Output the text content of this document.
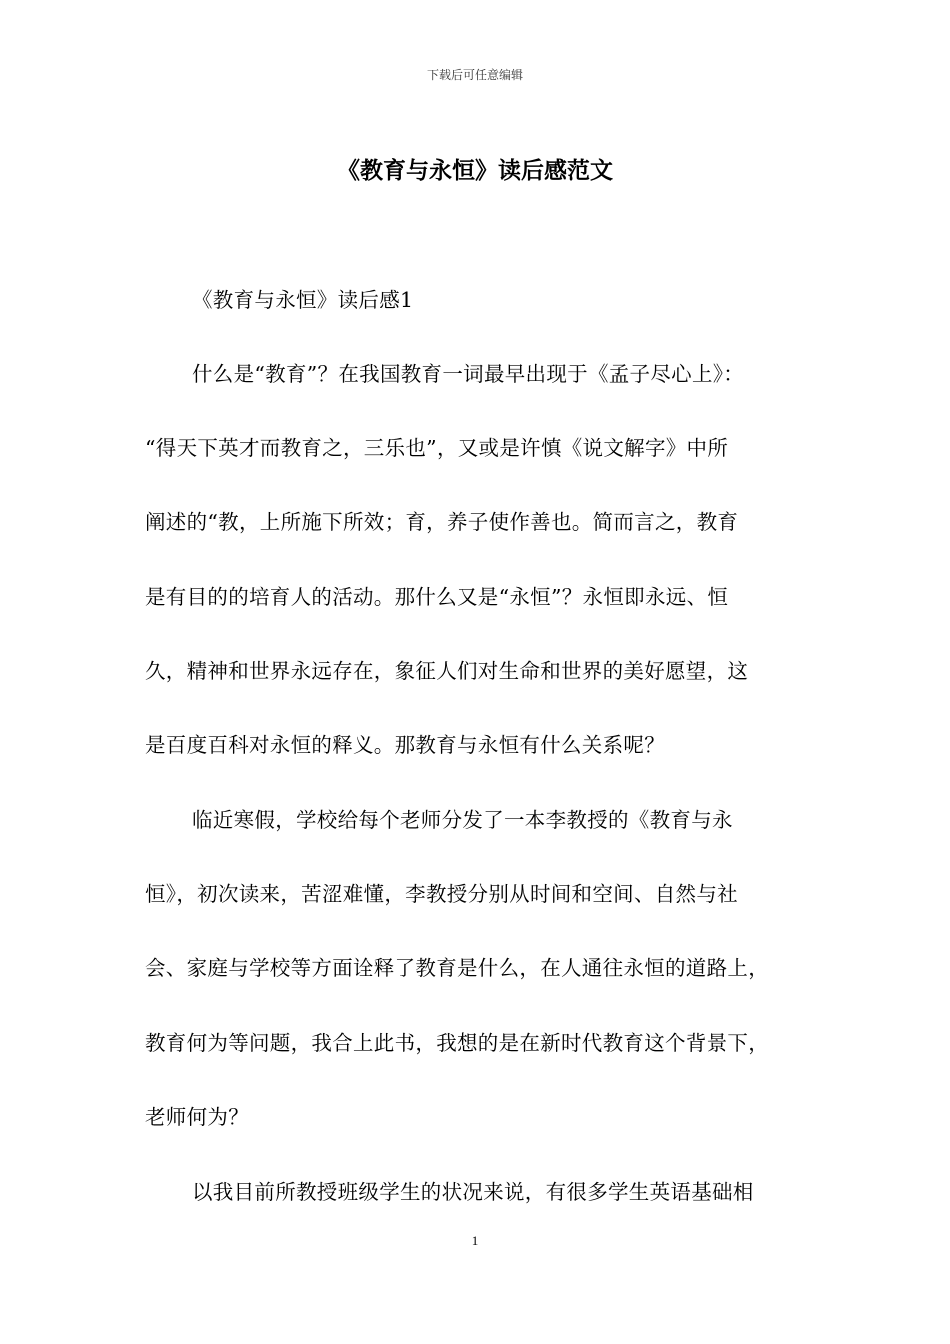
下载后可任意编辑
《教育与永恒》读后感范文
《教育与永恒》读后感1
什么是“教育”？在我国教育一词最早出现于《孟子尽心上》：
“得天下英才而教育之，三乐也”，又或是许慎《说文解字》中所
阐述的“教，上所施下所效；育，养子使作善也。简而言之，教育
是有目的的培育人的活动。那什么又是“永恒”？永恒即永远、恒
久，精神和世界永远存在，象征人们对生命和世界的美好愿望，这
是百度百科对永恒的释义。那教育与永恒有什么关系呢？
临近寒假，学校给每个老师分发了一本李教授的《教育与永
恒》，初次读来，苦涩难懂，李教授分别从时间和空间、自然与社
会、家庭与学校等方面诠释了教育是什么，在人通往永恒的道路上，
教育何为等问题，我合上此书，我想的是在新时代教育这个背景下，
老师何为？
以我目前所教授班级学生的状况来说，有很多学生英语基础相
1
